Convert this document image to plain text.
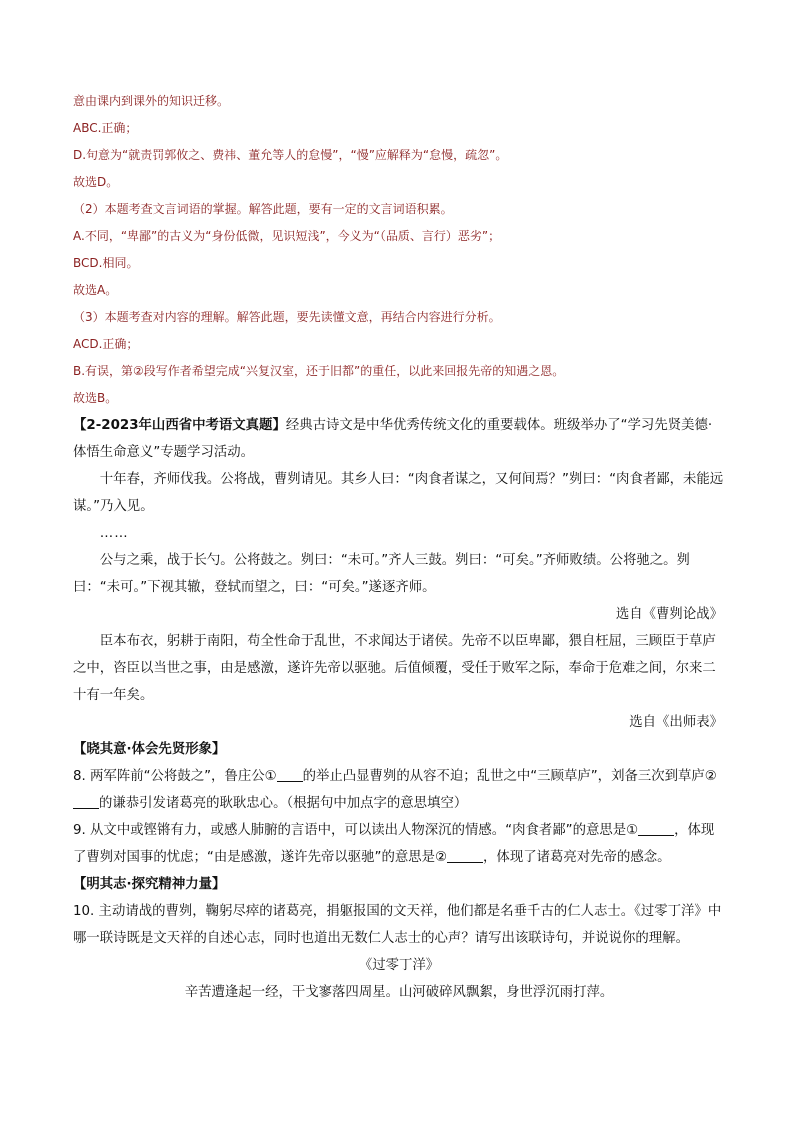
意由课内到课外的知识迁移。
ABC.正确；
D.句意为“就责罚郭攸之、费祎、董允等人的怠慢”，“慢”应解释为“怠慢，疏忽”。
故选D。
（2）本题考查文言词语的掌握。解答此题，要有一定的文言词语积累。
A.不同，“卑鄙”的古义为“身份低微，见识短浅”，今义为“（品质、言行）恶劣”；
BCD.相同。
故选A。
（3）本题考查对内容的理解。解答此题，要先读懂文意，再结合内容进行分析。
ACD.正确；
B.有误，第②段写作者希望完成“兴复汉室，还于旧都”的重任，以此来回报先帝的知遇之恩。
故选B。
【2-2023年山西省中考语文真题】经典古诗文是中华优秀传统文化的重要载体。班级举办了“学习先贤美德·体悟生命意义”专题学习活动。
十年春，齐师伐我。公将战，曹刿请见。其乡人曰：“肉食者谋之，又何间焉？”刿曰：“肉食者鄙，未能远谋。”乃入见。
……
公与之乘，战于长勺。公将鼓之。刿曰：“未可。”齐人三鼓。刿曰：“可矣。”齐师败绩。公将驰之。刿曰：“未可。”下视其辙，登轼而望之，曰：“可矣。”遂逐齐师。
选自《曹刿论战》
臣本布衣，躬耕于南阳，苟全性命于乱世，不求闻达于诸侯。先帝不以臣卑鄙，猥自枉屈，三顾臣于草庐之中，咨臣以当世之事，由是感激，遂许先帝以驱驰。后值倾覆，受任于败军之际，奉命于危难之间，尔来二十有一年矣。
选自《出师表》
【晓其意·体会先贤形象】
8. 两军阵前“公将鼓之”，鲁庄公① 的举止凸显曹刿的从容不迫；乱世之中“三顾草庐”，刘备三次到草庐②的谦恭引发诸葛亮的耿耿忠心。（根据句中加点字的意思填空）
9. 从文中或铿锵有力，或感人肺腑的言语中，可以读出人物深沉的情感。“肉食者鄙”的意思是①	，体现了曹刿对国事的忧虑；“由是感激，遂许先帝以驱驰”的意思是②	，体现了诸葛亮对先帝的感念。
【明其志·探究精神力量】
10. 主动请战的曹刿，鞠躬尽瘁的诸葛亮，捐躯报国的文天祥，他们都是名垂千古的仁人志士。《过零丁洋》中哪一联诗既是文天祥的自述心志，同时也道出无数仁人志士的心声？请写出该联诗句，并说说你的理解。
《过零丁洋》
辛苦遭逢起一经，干戈寥落四周星。山河破碎风飘絮，身世浮沉雨打萍。
